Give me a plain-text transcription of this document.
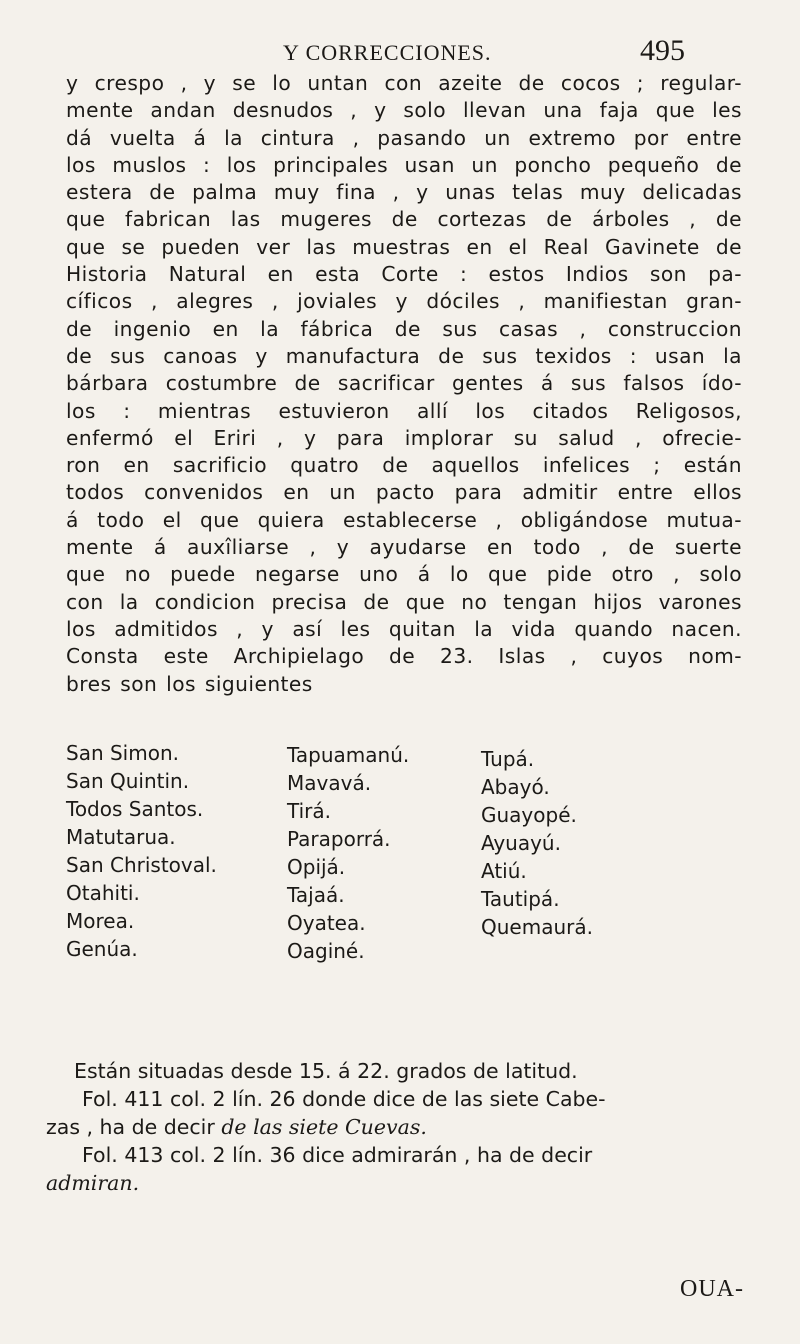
Y CORRECCIONES.	495
y crespo , y se lo untan con azeite de cocos ; regular-
mente andan desnudos , y solo llevan una faja que les
dá vuelta á la cintura , pasando un extremo por entre
los muslos : los principales usan un poncho pequeño de
estera de palma muy fina , y unas telas muy delicadas
que fabrican las mugeres de cortezas de árboles , de
que se pueden ver las muestras en el Real Gavinete de
Historia Natural en esta Corte : estos Indios son pa-
cíficos , alegres , joviales y dóciles , manifiestan gran-
de ingenio en la fábrica de sus casas , construccion
de sus canoas y manufactura de sus texidos : usan la
bárbara costumbre de sacrificar gentes á sus falsos ído-
los : mientras estuvieron allí los citados Religosos,
enfermó el Eriri , y para implorar su salud , ofrecie-
ron en sacrificio quatro de aquellos infelices ; están
todos convenidos en un pacto para admitir entre ellos
á todo el que quiera establecerse , obligándose mutua-
mente á auxîliarse , y ayudarse en todo , de suerte
que no puede negarse uno á lo que pide otro , solo
con la condicion precisa de que no tengan hijos varones
los admitidos , y así les quitan la vida quando nacen.
Consta este Archipielago de 23. Islas , cuyos nom-
bres son los siguientes
San Simon.
San Quintin.
Todos Santos.
Matutarua.
San Christoval.
Otahiti.
Morea.
Genúa.
Tapuamanú.
Mavavá.
Tirá.
Paraporrá.
Opijá.
Tajaá.
Oyatea.
Oaginé.
Tupá.
Abayó.
Guayopé.
Ayuayú.
Atiú.
Tautipá.
Quemaurá.
Están situadas desde 15. á 22. grados de latitud.
Fol. 411 col. 2 lín. 26 donde dice de las siete Cabe-
zas , ha de decir de las siete Cuevas.
Fol. 413 col. 2 lín. 36 dice admirarán , ha de decir
admiran.
OUA-
